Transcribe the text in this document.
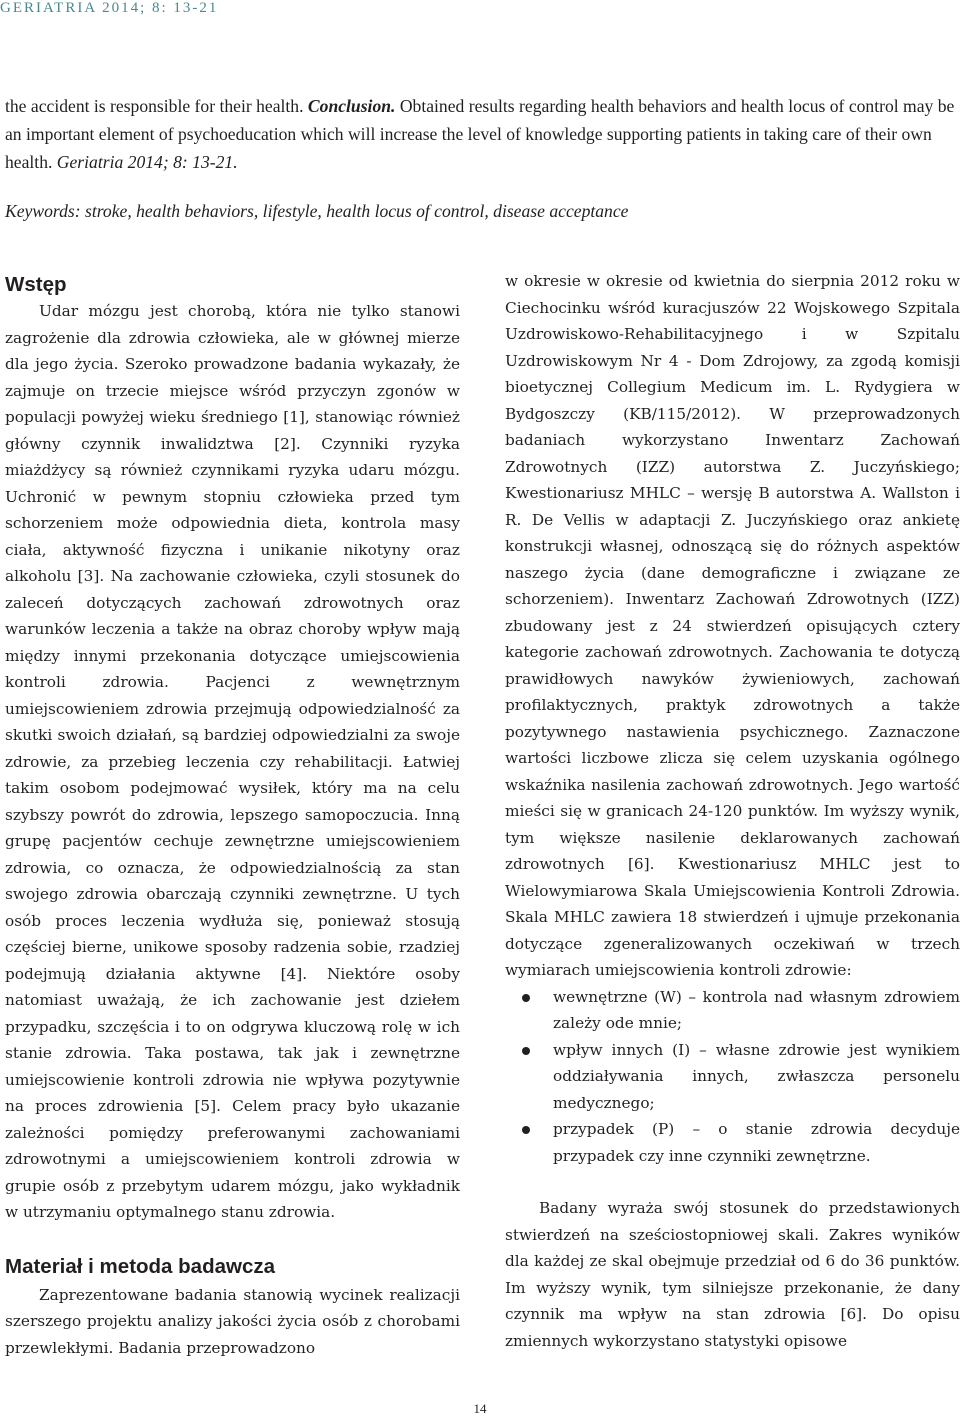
GERIATRIA 2014; 8: 13-21

the accident is responsible for their health. Conclusion. Obtained results regarding health behaviors and health locus of control may be an important element of psychoeducation which will increase the level of knowledge supporting patients in taking care of their own health. Geriatria 2014; 8: 13-21.

Keywords: stroke, health behaviors, lifestyle, health locus of control, disease acceptance

Wstęp

Udar mózgu jest chorobą, która nie tylko stanowi zagrożenie dla zdrowia człowieka, ale w głównej mierze dla jego życia. Szeroko prowadzone badania wykazały, że zajmuje on trzecie miejsce wśród przyczyn zgonów w populacji powyżej wieku średniego [1], stanowiąc również główny czynnik inwalidztwa [2]. Czynniki ryzyka miażdżycy są również czynnikami ryzyka udaru mózgu. Uchronić w pewnym stopniu człowieka przed tym schorzeniem może odpowiednia dieta, kontrola masy ciała, aktywność fizyczna i unikanie nikotyny oraz alkoholu [3]. Na zachowanie człowieka, czyli stosunek do zaleceń dotyczących zachowań zdrowotnych oraz warunków leczenia a także na obraz choroby wpływ mają między innymi przekonania dotyczące umiejscowienia kontroli zdrowia. Pacjenci z wewnętrznym umiejscowieniem zdrowia przejmują odpowiedzialność za skutki swoich działań, są bardziej odpowiedzialni za swoje zdrowie, za przebieg leczenia czy rehabilitacji. Łatwiej takim osobom podejmować wysiłek, który ma na celu szybszy powrót do zdrowia, lepszego samopoczucia. Inną grupę pacjentów cechuje zewnętrzne umiejscowieniem zdrowia, co oznacza, że odpowiedzialnością za stan swojego zdrowia obarczają czynniki zewnętrzne. U tych osób proces leczenia wydłuża się, ponieważ stosują częściej bierne, unikowe sposoby radzenia sobie, rzadziej podejmują działania aktywne [4]. Niektóre osoby natomiast uważają, że ich zachowanie jest dziełem przypadku, szczęścia i to on odgrywa kluczową rolę w ich stanie zdrowia. Taka postawa, tak jak i zewnętrzne umiejscowienie kontroli zdrowia nie wpływa pozytywnie na proces zdrowienia [5]. Celem pracy było ukazanie zależności pomiędzy preferowanymi zachowaniami zdrowotnymi a umiejscowieniem kontroli zdrowia w grupie osób z przebytym udarem mózgu, jako wykładnik w utrzymaniu optymalnego stanu zdrowia.

Materiał i metoda badawcza

Zaprezentowane badania stanowią wycinek realizacji szerszego projektu analizy jakości życia osób z chorobami przewlekłymi. Badania przeprowadzono

w okresie w okresie od kwietnia do sierpnia 2012 roku w Ciechocinku wśród kuracjuszów 22 Wojskowego Szpitala Uzdrowiskowo-Rehabilitacyjnego i w Szpitalu Uzdrowiskowym Nr 4 - Dom Zdrojowy, za zgodą komisji bioetycznej Collegium Medicum im. L. Rydygiera w Bydgoszczy (KB/115/2012). W przeprowadzonych badaniach wykorzystano Inwentarz Zachowań Zdrowotnych (IZZ) autorstwa Z. Juczyńskiego; Kwestionariusz MHLC – wersję B autorstwa A. Wallston i R. De Vellis w adaptacji Z. Juczyńskiego oraz ankietę konstrukcji własnej, odnoszącą się do różnych aspektów naszego życia (dane demograficzne i związane ze schorzeniem). Inwentarz Zachowań Zdrowotnych (IZZ) zbudowany jest z 24 stwierdzeń opisujących cztery kategorie zachowań zdrowotnych. Zachowania te dotyczą prawidłowych nawyków żywieniowych, zachowań profilaktycznych, praktyk zdrowotnych a także pozytywnego nastawienia psychicznego. Zaznaczone wartości liczbowe zlicza się celem uzyskania ogólnego wskaźnika nasilenia zachowań zdrowotnych. Jego wartość mieści się w granicach 24-120 punktów. Im wyższy wynik, tym większe nasilenie deklarowanych zachowań zdrowotnych [6]. Kwestionariusz MHLC jest to Wielowymiarowa Skala Umiejscowienia Kontroli Zdrowia. Skala MHLC zawiera 18 stwierdzeń i ujmuje przekonania dotyczące zgeneralizowanych oczekiwań w trzech wymiarach umiejscowienia kontroli zdrowie:

wewnętrzne (W) – kontrola nad własnym zdrowiem zależy ode mnie;
wpływ innych (I) – własne zdrowie jest wynikiem oddziaływania innych, zwłaszcza personelu medycznego;
przypadek (P) – o stanie zdrowia decyduje przypadek czy inne czynniki zewnętrzne.

Badany wyraża swój stosunek do przedstawionych stwierdzeń na sześciostopniowej skali. Zakres wyników dla każdej ze skal obejmuje przedział od 6 do 36 punktów. Im wyższy wynik, tym silniejsze przekonanie, że dany czynnik ma wpływ na stan zdrowia [6]. Do opisu zmiennych wykorzystano statystyki opisowe

14
